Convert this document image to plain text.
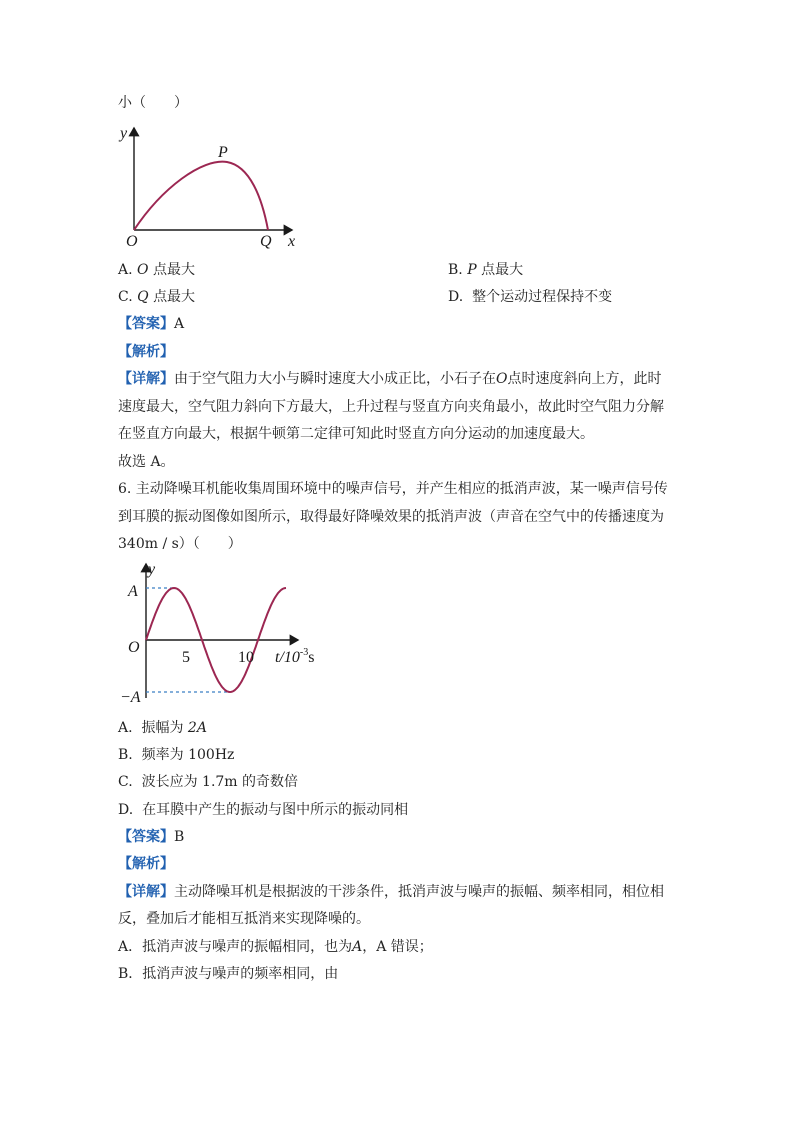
小（　　）
y
x
O
P
Q
A. O 点最大	B. P 点最大
C. Q 点最大	D. 整个运动过程保持不变
【答案】A
【解析】
【详解】由于空气阻力大小与瞬时速度大小成正比，小石子在O点时速度斜向上方，此时
速度最大，空气阻力斜向下方最大，上升过程与竖直方向夹角最小，故此时空气阻力分解
在竖直方向最大，根据牛顿第二定律可知此时竖直方向分运动的加速度最大。
故选 A。
6. 主动降噪耳机能收集周围环境中的噪声信号，并产生相应的抵消声波，某一噪声信号传
到耳膜的振动图像如图所示，取得最好降噪效果的抵消声波（声音在空气中的传播速度为
340m / s）（　　）
y
A
−A
O
5	10 $t/10^{-3}s$
A. 振幅为 2A
B. 频率为 100Hz
C. 波长应为 1.7m 的奇数倍
D. 在耳膜中产生的振动与图中所示的振动同相
【答案】B
【解析】
【详解】主动降噪耳机是根据波的干涉条件，抵消声波与噪声的振幅、频率相同，相位相
反，叠加后才能相互抵消来实现降噪的。
A．抵消声波与噪声的振幅相同，也为A，A 错误；
B．抵消声波与噪声的频率相同，由
